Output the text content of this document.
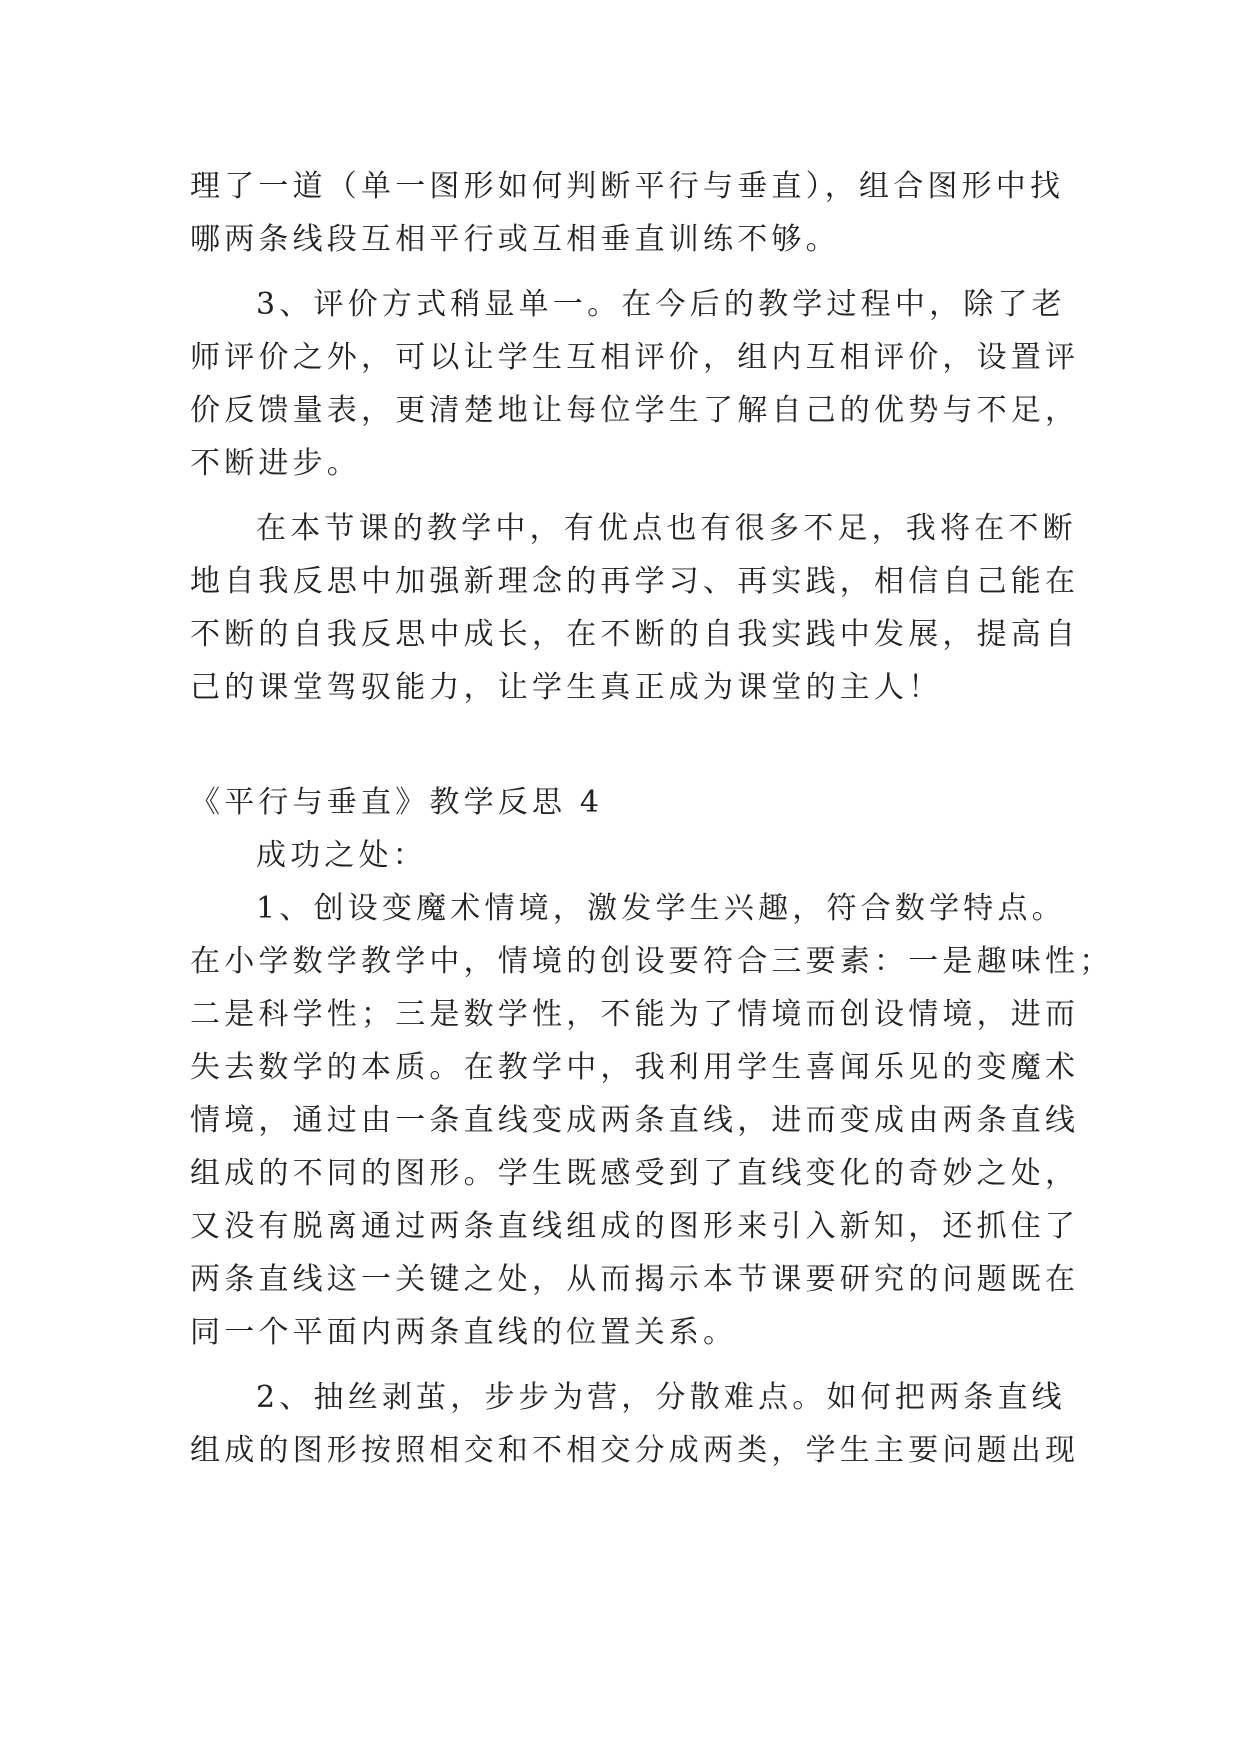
理了一道（单一图形如何判断平行与垂直），组合图形中找
哪两条线段互相平行或互相垂直训练不够。
3、评价方式稍显单一。在今后的教学过程中，除了老
师评价之外，可以让学生互相评价，组内互相评价，设置评
价反馈量表，更清楚地让每位学生了解自己的优势与不足，
不断进步。
在本节课的教学中，有优点也有很多不足，我将在不断
地自我反思中加强新理念的再学习、再实践，相信自己能在
不断的自我反思中成长，在不断的自我实践中发展，提高自
己的课堂驾驭能力，让学生真正成为课堂的主人！
《平行与垂直》教学反思 4
成功之处：
1、创设变魔术情境，激发学生兴趣，符合数学特点。
在小学数学教学中，情境的创设要符合三要素：一是趣味性；
二是科学性；三是数学性，不能为了情境而创设情境，进而
失去数学的本质。在教学中，我利用学生喜闻乐见的变魔术
情境，通过由一条直线变成两条直线，进而变成由两条直线
组成的不同的图形。学生既感受到了直线变化的奇妙之处，
又没有脱离通过两条直线组成的图形来引入新知，还抓住了
两条直线这一关键之处，从而揭示本节课要研究的问题既在
同一个平面内两条直线的位置关系。
2、抽丝剥茧，步步为营，分散难点。如何把两条直线
组成的图形按照相交和不相交分成两类，学生主要问题出现
